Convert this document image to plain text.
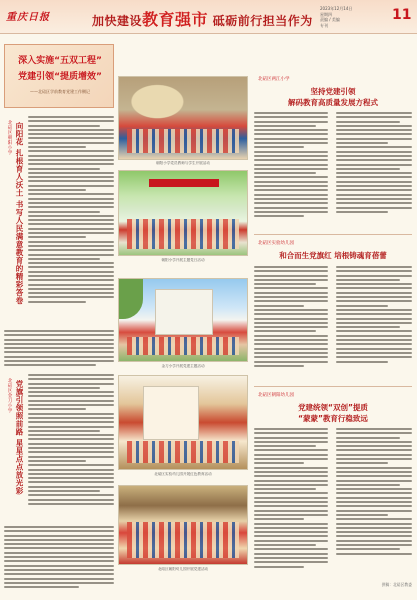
重庆日报	加快建设教育强市 砥砺前行担当作为
2023年12月14日
星期四
责编 / 美编
专刊
11
深入实施“五双工程”
党建引领“提质增效”
——北碚区学前教育党建工作侧记
北碚区朝阳小学 向阳花 扎根育人沃土 书写人民满意教育的精彩答卷
北碚区金刀小学 党旗引领照前路 星星点点放光彩
朝阳小学党员教师与学生开展活动
朝阳小学开展主题党日活动
金刀小学开展党建主题活动
北碚区实验幼儿园开展红色教育活动
北碚区朝阳幼儿园开展党建活动
北碚区两江小学
坚持党建引领
解码教育高质量发展方程式
北碚区实验幼儿园
和合而生党旗红 培根铸魂育蓓蕾
北碚区朝阳幼儿园
党建统领“双创”提质
“蒙蒙”教育行稳致远
供稿：北碚区教委
